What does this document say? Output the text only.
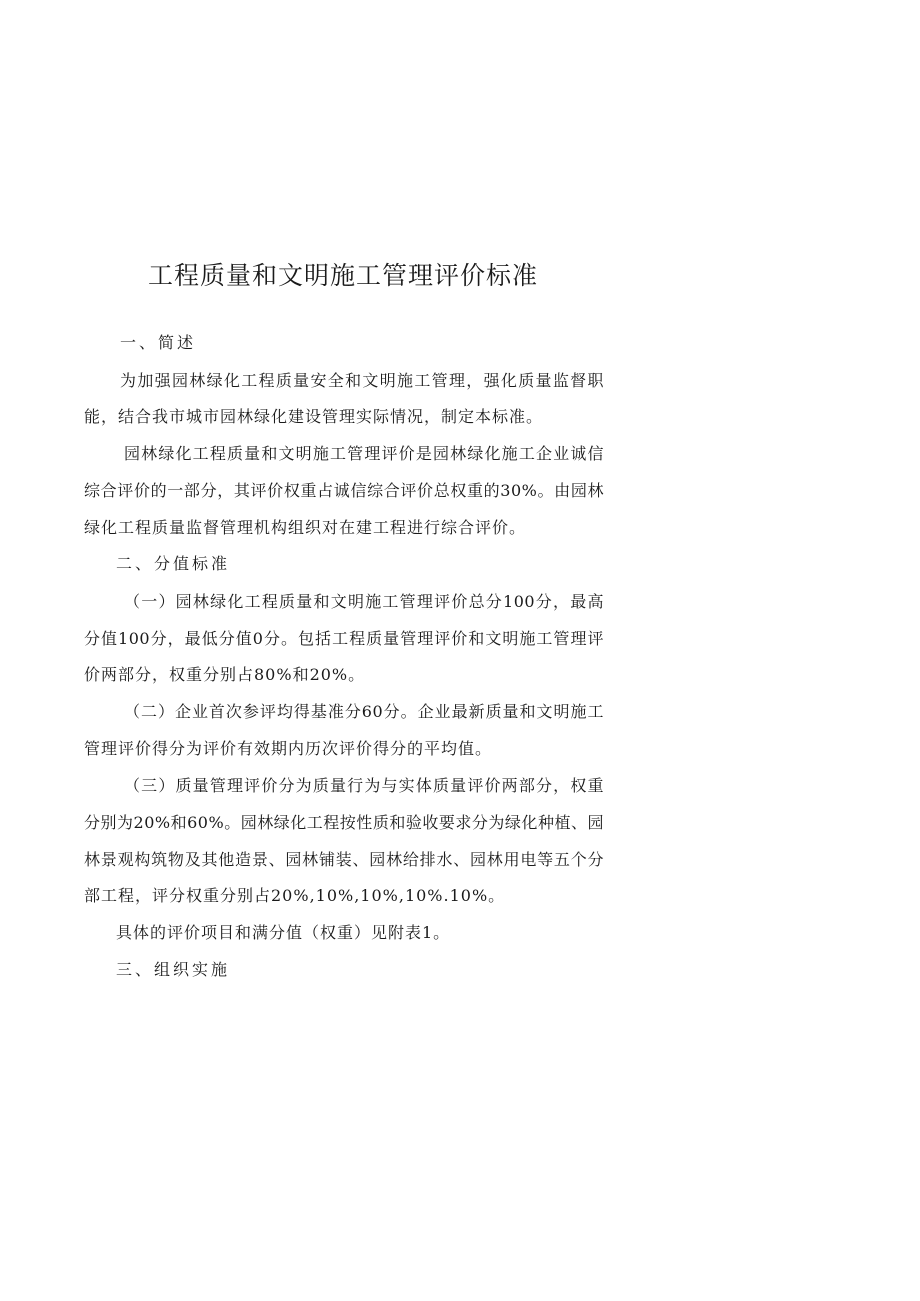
工程质量和文明施工管理评价标准
一、简述
为加强园林绿化工程质量安全和文明施工管理，强化质量监督职
能，结合我市城市园林绿化建设管理实际情况，制定本标准。
园林绿化工程质量和文明施工管理评价是园林绿化施工企业诚信
综合评价的一部分，其评价权重占诚信综合评价总权重的30%。由园林
绿化工程质量监督管理机构组织对在建工程进行综合评价。
二、分值标准
（一）园林绿化工程质量和文明施工管理评价总分100分，最高
分值100分，最低分值0分。包括工程质量管理评价和文明施工管理评
价两部分，权重分别占80%和20%。
（二）企业首次参评均得基准分60分。企业最新质量和文明施工
管理评价得分为评价有效期内历次评价得分的平均值。
（三）质量管理评价分为质量行为与实体质量评价两部分，权重
分别为20%和60%。园林绿化工程按性质和验收要求分为绿化种植、园
林景观构筑物及其他造景、园林铺装、园林给排水、园林用电等五个分
部工程，评分权重分别占20%,10%,10%,10%.10%。
具体的评价项目和满分值（权重）见附表1。
三、组织实施
